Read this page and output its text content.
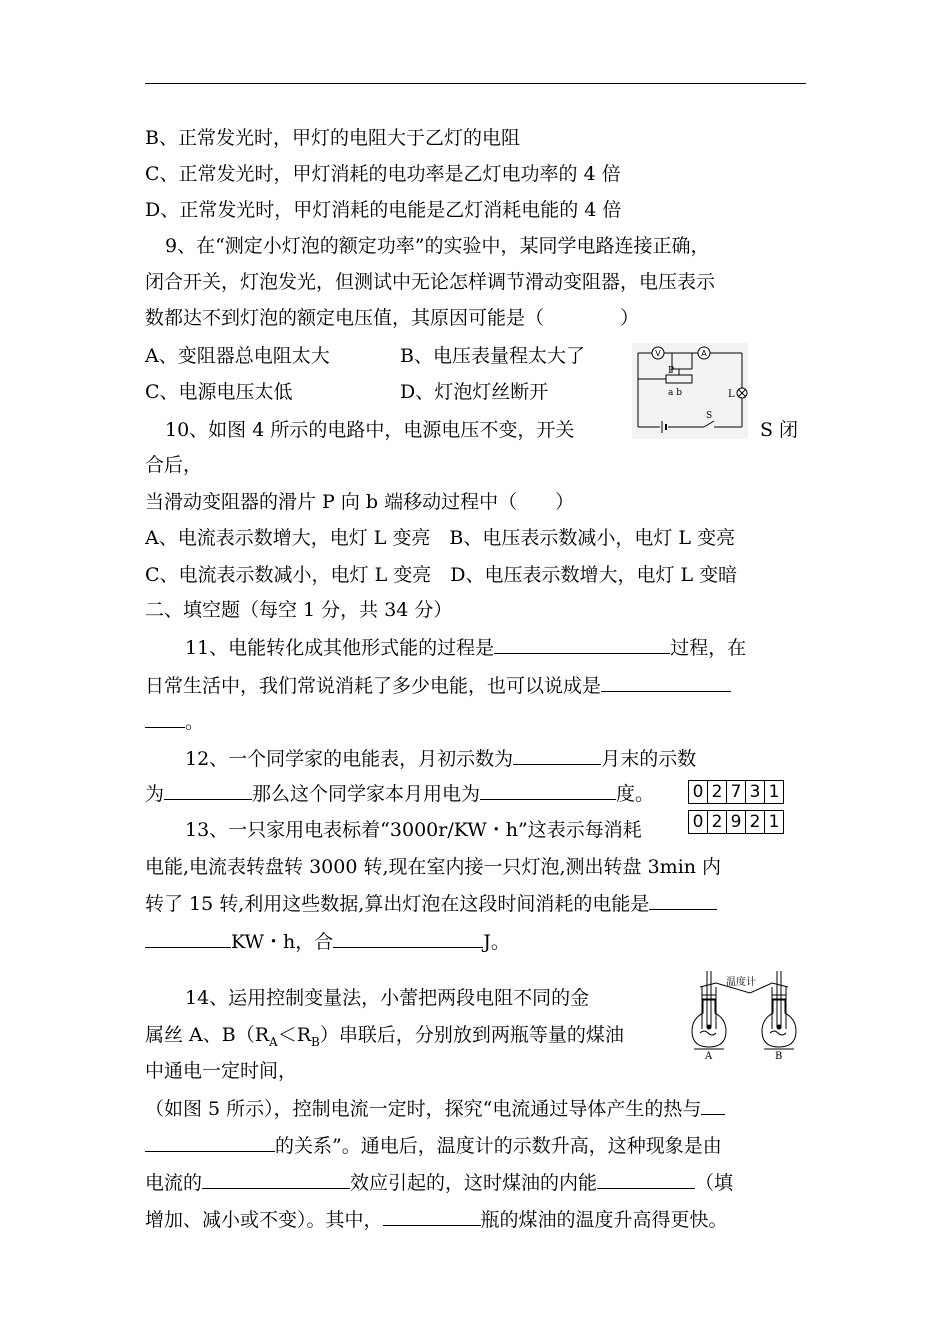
B、正常发光时，甲灯的电阻大于乙灯的电阻
C、正常发光时，甲灯消耗的电功率是乙灯电功率的 4 倍
D、正常发光时，甲灯消耗的电能是乙灯消耗电能的 4 倍
9、在“测定小灯泡的额定功率”的实验中，某同学电路连接正确，
闭合开关，灯泡发光，但测试中无论怎样调节滑动变阻器，电压表示
数都达不到灯泡的额定电压值，其原因可能是（　　　　）
A、变阻器总电阻太大	B、电压表量程太大了
C、电源电压太低	D、灯泡灯丝断开
V	A
L
S
P
a b
10、如图 4 所示的电路中，电源电压不变，开关	S 闭
合后，
当滑动变阻器的滑片 P 向 b 端移动过程中（　　）
A、电流表示数增大，电灯 L 变亮　B、电压表示数减小，电灯 L 变亮
C、电流表示数减小，电灯 L 变亮　D、电压表示数增大，电灯 L 变暗
二、填空题（每空 1 分，共 34 分）
11、电能转化成其他形式能的过程是	过程，在
日常生活中，我们常说消耗了多少电能，也可以说成是
。
12、一个同学家的电能表，月初示数为	月末的示数
为	那么这个同学家本月用电为	度。
13、一只家用电表标着“3000r/KW・h”这表示每消耗
电能,电流表转盘转 3000 转,现在室内接一只灯泡,测出转盘 3min 内
转了 15 转,利用这些数据,算出灯泡在这段时间消耗的电能是
KW・h，合	J。
0 2 7 3 1
0 2 9 2 1
14、运用控制变量法，小蕾把两段电阻不同的金
属丝 A、$B(R_A<R_B)$串联后，分别放到两瓶等量的煤油
中通电一定时间，
（如图 5 所示），控制电流一定时，探究“电流通过导体产生的热与
的关系”。通电后，温度计的示数升高，这种现象是由
电流的	效应引起的，这时煤油的内能	（填
增加、减小或不变）。其中，	瓶的煤油的温度升高得更快。
温度计
A	B
